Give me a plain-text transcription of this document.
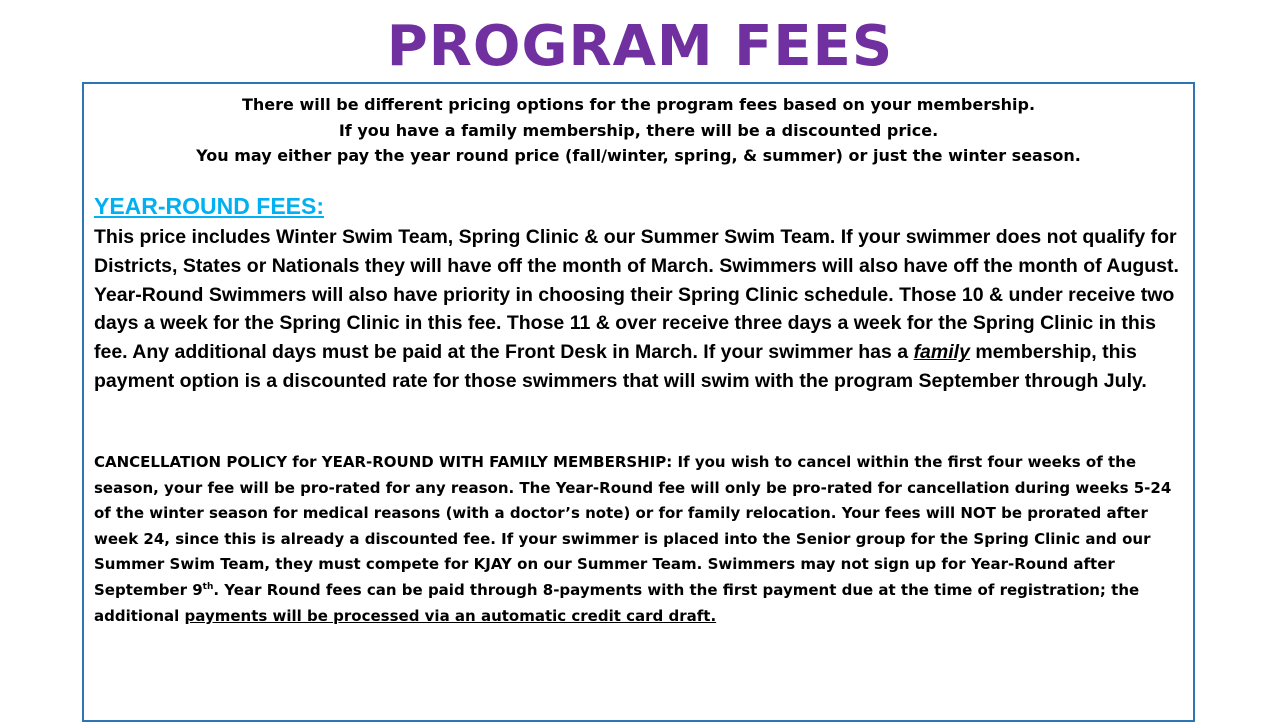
PROGRAM FEES
There will be different pricing options for the program fees based on your membership.
If you have a family membership, there will be a discounted price.
You may either pay the year round price (fall/winter, spring, & summer) or just the winter season.
YEAR-ROUND FEES:
This price includes Winter Swim Team, Spring Clinic & our Summer Swim Team. If your swimmer does not qualify for Districts, States or Nationals they will have off the month of March. Swimmers will also have off the month of August. Year-Round Swimmers will also have priority in choosing their Spring Clinic schedule. Those 10 & under receive two days a week for the Spring Clinic in this fee. Those 11 & over receive three days a week for the Spring Clinic in this fee. Any additional days must be paid at the Front Desk in March. If your swimmer has a family membership, this payment option is a discounted rate for those swimmers that will swim with the program September through July.
CANCELLATION POLICY for YEAR-ROUND WITH FAMILY MEMBERSHIP: If you wish to cancel within the first four weeks of the season, your fee will be pro-rated for any reason. The Year-Round fee will only be pro-rated for cancellation during weeks 5-24 of the winter season for medical reasons (with a doctor’s note) or for family relocation. Your fees will NOT be prorated after week 24, since this is already a discounted fee. If your swimmer is placed into the Senior group for the Spring Clinic and our Summer Swim Team, they must compete for KJAY on our Summer Team. Swimmers may not sign up for Year-Round after September 9th. Year Round fees can be paid through 8-payments with the first payment due at the time of registration; the additional payments will be processed via an automatic credit card draft.
